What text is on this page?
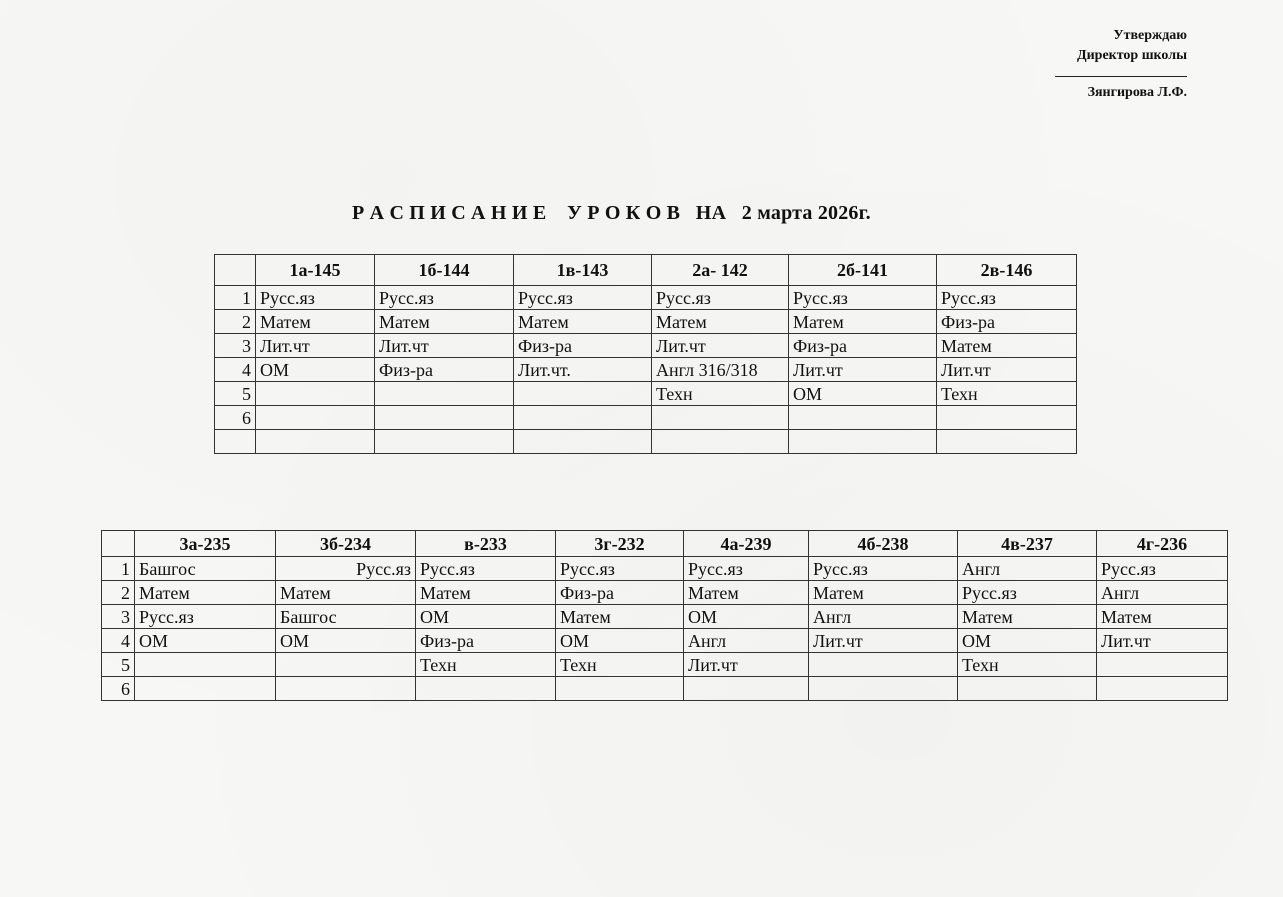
Утверждаю
Директор школы
Зянгирова Л.Ф.
Р А С П И С А Н И Е    У Р О К О В   НА   2 марта 2026г.
	1а-145	1б-144	1в-143	2а- 142	2б-141	2в-146
1	Русс.яз	Русс.яз	Русс.яз	Русс.яз	Русс.яз	Русс.яз
2	Матем	Матем	Матем	Матем	Матем	Физ-ра
3	Лит.чт	Лит.чт	Физ-ра	Лит.чт	Физ-ра	Матем
4	ОМ	Физ-ра	Лит.чт.	Англ 316/318	Лит.чт	Лит.чт
5				Техн	ОМ	Техн
6						

	3а-235	3б-234	в-233	3г-232	4а-239	4б-238	4в-237	4г-236
1	Башгос	Русс.яз	Русс.яз	Русс.яз	Русс.яз	Русс.яз	Англ	Русс.яз
2	Матем	Матем	Матем	Физ-ра	Матем	Матем	Русс.яз	Англ
3	Русс.яз	Башгос	ОМ	Матем	ОМ	Англ	Матем	Матем
4	ОМ	ОМ	Физ-ра	ОМ	Англ	Лит.чт	ОМ	Лит.чт
5			Техн	Техн	Лит.чт		Техн	
6								
